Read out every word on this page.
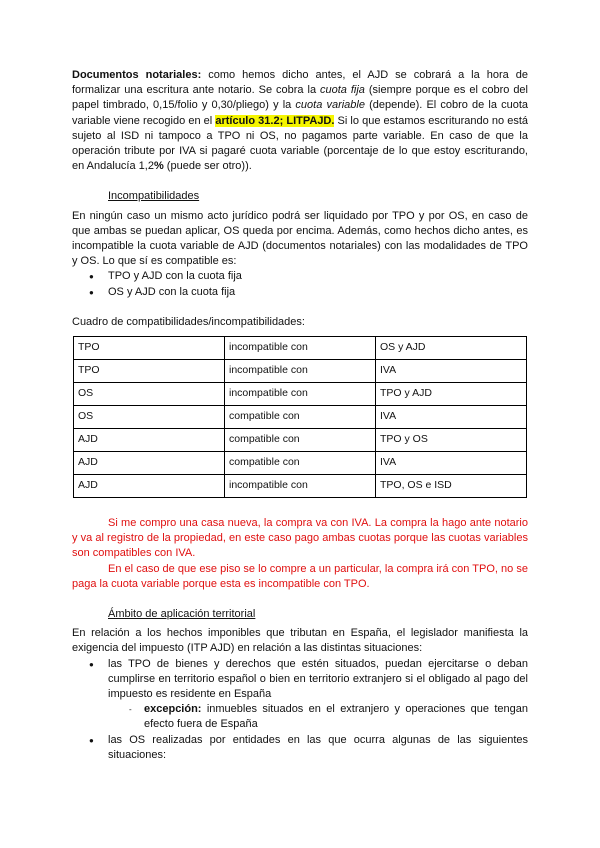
Documentos notariales: como hemos dicho antes, el AJD se cobrará a la hora de formalizar una escritura ante notario. Se cobra la cuota fija (siempre porque es el cobro del papel timbrado, 0,15/folio y 0,30/pliego) y la cuota variable (depende). El cobro de la cuota variable viene recogido en el artículo 31.2; LITPAJD. Si lo que estamos escriturando no está sujeto al ISD ni tampoco a TPO ni OS, no pagamos parte variable. En caso de que la operación tribute por IVA si pagaré cuota variable (porcentaje de lo que estoy escriturando, en Andalucía 1,2% (puede ser otro)).

Incompatibilidades

En ningún caso un mismo acto jurídico podrá ser liquidado por TPO y por OS, en caso de que ambas se puedan aplicar, OS queda por encima. Además, como hechos dicho antes, es incompatible la cuota variable de AJD (documentos notariales) con las modalidades de TPO y OS. Lo que sí es compatible es:

● TPO y AJD con la cuota fija
● OS y AJD con la cuota fija

Cuadro de compatibilidades/incompatibilidades:

TPO	incompatible con	OS y AJD
TPO	incompatible con	IVA
OS	incompatible con	TPO y AJD
OS	compatible con	IVA
AJD	compatible con	TPO y OS
AJD	compatible con	IVA
AJD	incompatible con	TPO, OS e ISD

Si me compro una casa nueva, la compra va con IVA. La compra la hago ante notario y va al registro de la propiedad, en este caso pago ambas cuotas porque las cuotas variables son compatibles con IVA.

En el caso de que ese piso se lo compre a un particular, la compra irá con TPO, no se paga la cuota variable porque esta es incompatible con TPO.

Ámbito de aplicación territorial

En relación a los hechos imponibles que tributan en España, el legislador manifiesta la exigencia del impuesto (ITP AJD) en relación a las distintas situaciones:

● las TPO de bienes y derechos que estén situados, puedan ejercitarse o deban cumplirse en territorio español o bien en territorio extranjero si el obligado al pago del impuesto es residente en España
- excepción: inmuebles situados en el extranjero y operaciones que tengan efecto fuera de España
● las OS realizadas por entidades en las que ocurra algunas de las siguientes situaciones:
